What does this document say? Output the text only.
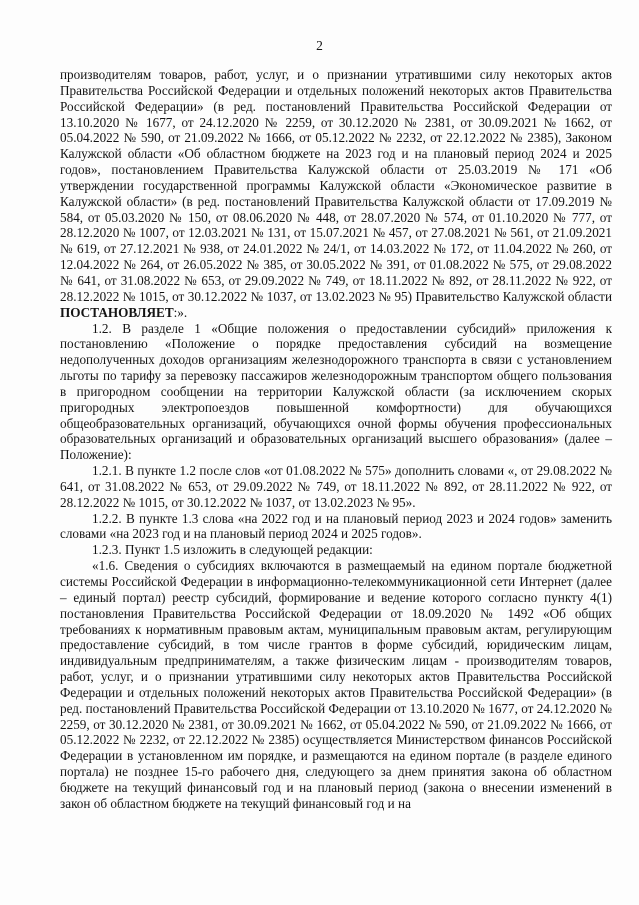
2

производителям товаров, работ, услуг, и о признании утратившими силу некоторых актов Правительства Российской Федерации и отдельных положений некоторых актов Правительства Российской Федерации» (в ред. постановлений Правительства Российской Федерации от 13.10.2020 № 1677, от 24.12.2020 № 2259, от 30.12.2020 № 2381, от 30.09.2021 № 1662, от 05.04.2022 № 590, от 21.09.2022 № 1666, от 05.12.2022 № 2232, от 22.12.2022 № 2385), Законом Калужской области «Об областном бюджете на 2023 год и на плановый период 2024 и 2025 годов», постановлением Правительства Калужской области от 25.03.2019 № 171 «Об утверждении государственной программы Калужской области «Экономическое развитие в Калужской области» (в ред. постановлений Правительства Калужской области от 17.09.2019 № 584, от 05.03.2020 № 150, от 08.06.2020 № 448, от 28.07.2020 № 574, от 01.10.2020 № 777, от 28.12.2020 № 1007, от 12.03.2021 № 131, от 15.07.2021 № 457, от 27.08.2021 № 561, от 21.09.2021 № 619, от 27.12.2021 № 938, от 24.01.2022 № 24/1, от 14.03.2022 № 172, от 11.04.2022 № 260, от 12.04.2022 № 264, от 26.05.2022 № 385, от 30.05.2022 № 391, от 01.08.2022 № 575, от 29.08.2022 № 641, от 31.08.2022 № 653, от 29.09.2022 № 749, от 18.11.2022 № 892, от 28.11.2022 № 922, от 28.12.2022 № 1015, от 30.12.2022 № 1037, от 13.02.2023 № 95) Правительство Калужской области ПОСТАНОВЛЯЕТ:».

1.2. В разделе 1 «Общие положения о предоставлении субсидий» приложения к постановлению «Положение о порядке предоставления субсидий на возмещение недополученных доходов организациям железнодорожного транспорта в связи с установлением льготы по тарифу за перевозку пассажиров железнодорожным транспортом общего пользования в пригородном сообщении на территории Калужской области (за исключением скорых пригородных электропоездов повышенной комфортности) для обучающихся общеобразовательных организаций, обучающихся очной формы обучения профессиональных образовательных организаций и образовательных организаций высшего образования» (далее – Положение):

1.2.1. В пункте 1.2 после слов «от 01.08.2022 № 575» дополнить словами «, от 29.08.2022 № 641, от 31.08.2022 № 653, от 29.09.2022 № 749, от 18.11.2022 № 892, от 28.11.2022 № 922, от 28.12.2022 № 1015, от 30.12.2022 № 1037, от 13.02.2023 № 95».

1.2.2. В пункте 1.3 слова «на 2022 год и на плановый период 2023 и 2024 годов» заменить словами «на 2023 год и на плановый период 2024 и 2025 годов».

1.2.3. Пункт 1.5 изложить в следующей редакции:

«1.6. Сведения о субсидиях включаются в размещаемый на едином портале бюджетной системы Российской Федерации в информационно-телекоммуникационной сети Интернет (далее – единый портал) реестр субсидий, формирование и ведение которого согласно пункту 4(1) постановления Правительства Российской Федерации от 18.09.2020 № 1492 «Об общих требованиях к нормативным правовым актам, муниципальным правовым актам, регулирующим предоставление субсидий, в том числе грантов в форме субсидий, юридическим лицам, индивидуальным предпринимателям, а также физическим лицам - производителям товаров, работ, услуг, и о признании утратившими силу некоторых актов Правительства Российской Федерации и отдельных положений некоторых актов Правительства Российской Федерации» (в ред. постановлений Правительства Российской Федерации от 13.10.2020 № 1677, от 24.12.2020 № 2259, от 30.12.2020 № 2381, от 30.09.2021 № 1662, от 05.04.2022 № 590, от 21.09.2022 № 1666, от 05.12.2022 № 2232, от 22.12.2022 № 2385) осуществляется Министерством финансов Российской Федерации в установленном им порядке, и размещаются на едином портале (в разделе единого портала) не позднее 15-го рабочего дня, следующего за днем принятия закона об областном бюджете на текущий финансовый год и на плановый период (закона о внесении изменений в закон об областном бюджете на текущий финансовый год и на
